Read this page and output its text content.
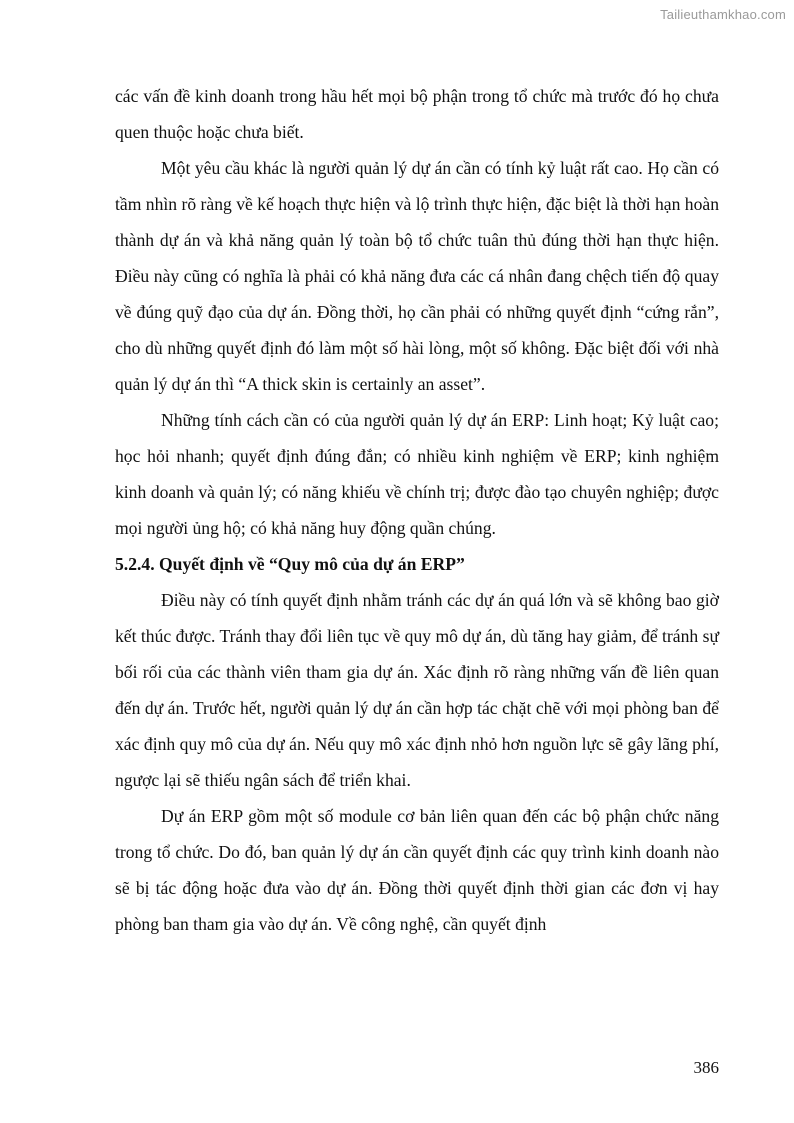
Tailieuthamkhao.com

các vấn đề kinh doanh trong hầu hết mọi bộ phận trong tổ chức mà trước đó họ chưa quen thuộc hoặc chưa biết.

Một yêu cầu khác là người quản lý dự án cần có tính kỷ luật rất cao. Họ cần có tầm nhìn rõ ràng về kế hoạch thực hiện và lộ trình thực hiện, đặc biệt là thời hạn hoàn thành dự án và khả năng quản lý toàn bộ tổ chức tuân thủ đúng thời hạn thực hiện. Điều này cũng có nghĩa là phải có khả năng đưa các cá nhân đang chệch tiến độ quay về đúng quỹ đạo của dự án. Đồng thời, họ cần phải có những quyết định “cứng rắn”, cho dù những quyết định đó làm một số hài lòng, một số không. Đặc biệt đối với nhà quản lý dự án thì “A thick skin is certainly an asset”.

Những tính cách cần có của người quản lý dự án ERP: Linh hoạt; Kỷ luật cao; học hỏi nhanh; quyết định đúng đắn; có nhiều kinh nghiệm về ERP; kinh nghiệm kinh doanh và quản lý; có năng khiếu về chính trị; được đào tạo chuyên nghiệp; được mọi người ủng hộ; có khả năng huy động quần chúng.

5.2.4. Quyết định về “Quy mô của dự án ERP”

Điều này có tính quyết định nhằm tránh các dự án quá lớn và sẽ không bao giờ kết thúc được. Tránh thay đổi liên tục về quy mô dự án, dù tăng hay giảm, để tránh sự bối rối của các thành viên tham gia dự án. Xác định rõ ràng những vấn đề liên quan đến dự án. Trước hết, người quản lý dự án cần hợp tác chặt chẽ với mọi phòng ban để xác định quy mô của dự án. Nếu quy mô xác định nhỏ hơn nguồn lực sẽ gây lãng phí, ngược lại sẽ thiếu ngân sách để triển khai.

Dự án ERP gồm một số module cơ bản liên quan đến các bộ phận chức năng trong tổ chức. Do đó, ban quản lý dự án cần quyết định các quy trình kinh doanh nào sẽ bị tác động hoặc đưa vào dự án. Đồng thời quyết định thời gian các đơn vị hay phòng ban tham gia vào dự án. Về công nghệ, cần quyết định

386
